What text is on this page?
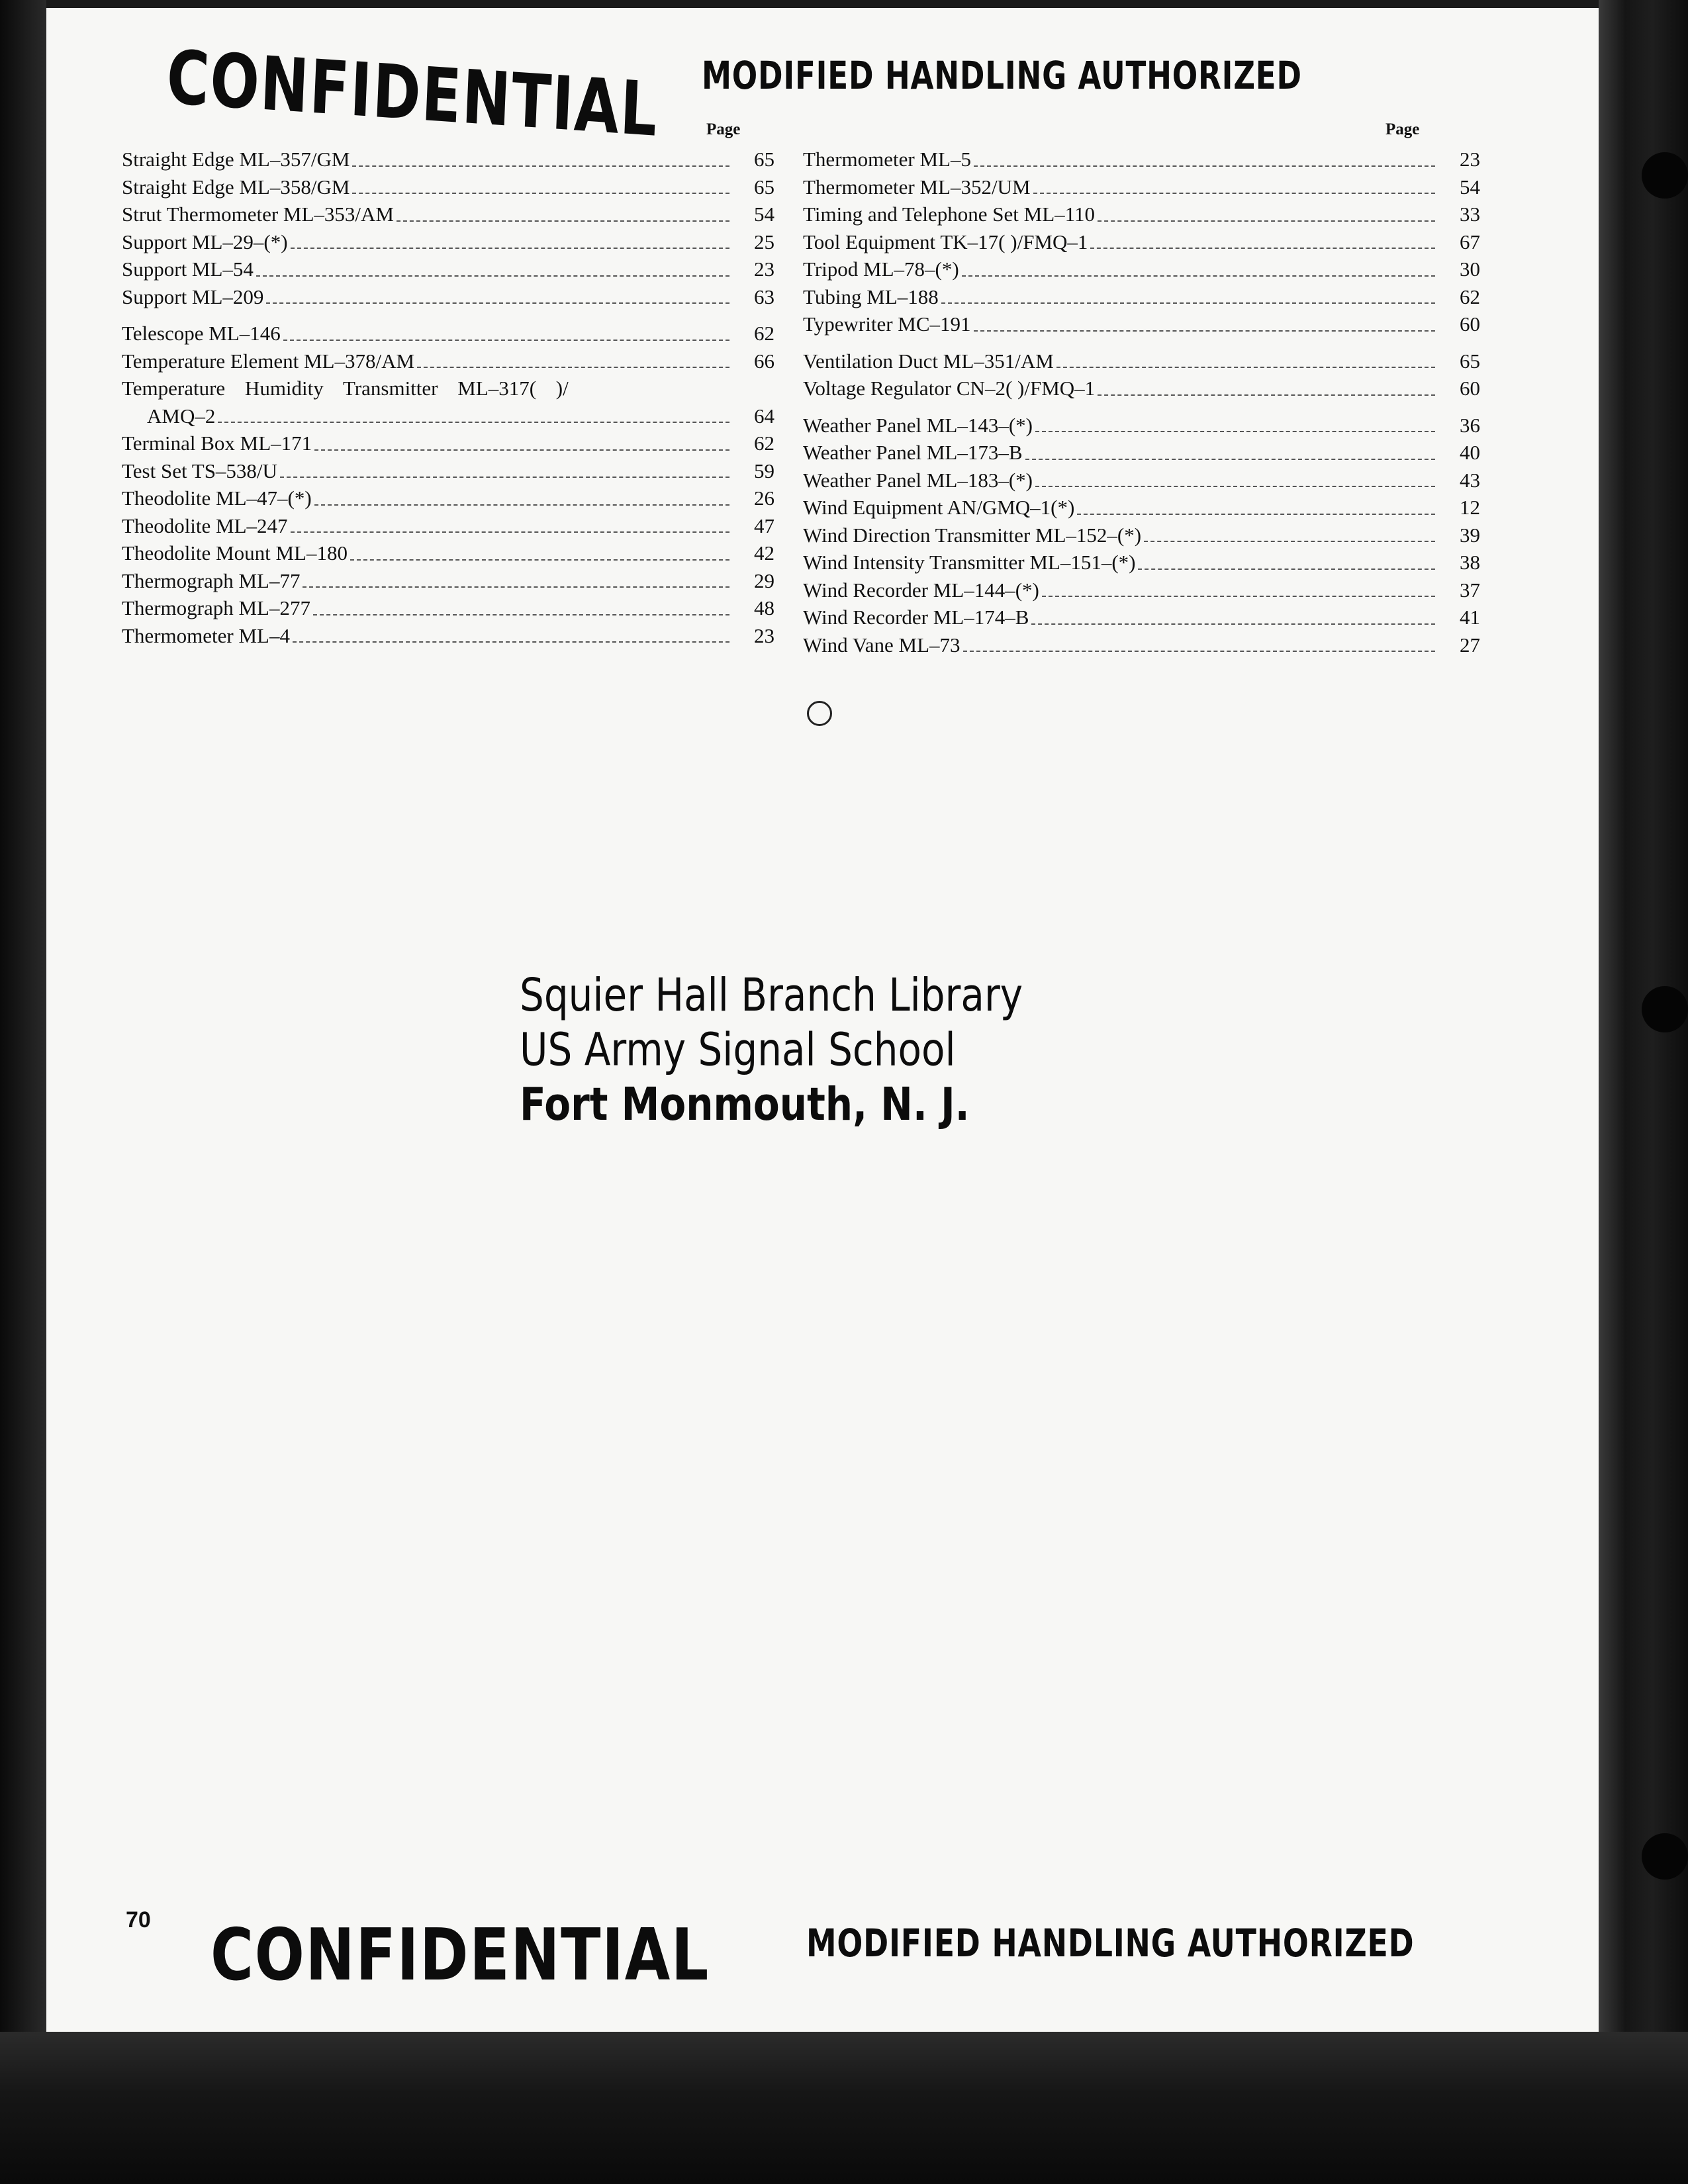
CONFIDENTIAL MODIFIED HANDLING AUTHORIZED
Page	Page
Straight Edge ML–357/GM	65
Straight Edge ML–358/GM	65
Strut Thermometer ML–353/AM	54
Support ML–29–(*)	25
Support ML–54	23
Support ML–209	63
Telescope ML–146	62
Temperature Element ML–378/AM	66
Temperature Humidity Transmitter ML–317( )/
AMQ–2	64
Terminal Box ML–171	62
Test Set TS–538/U	59
Theodolite ML–47–(*)	26
Theodolite ML–247	47
Theodolite Mount ML–180	42
Thermograph ML–77	29
Thermograph ML–277	48
Thermometer ML–4	23
Thermometer ML–5	23
Thermometer ML–352/UM	54
Timing and Telephone Set ML–110	33
Tool Equipment TK–17( )/FMQ–1	67
Tripod ML–78–(*)	30
Tubing ML–188	62
Typewriter MC–191	60
Ventilation Duct ML–351/AM	65
Voltage Regulator CN–2( )/FMQ–1	60
Weather Panel ML–143–(*)	36
Weather Panel ML–173–B	40
Weather Panel ML–183–(*)	43
Wind Equipment AN/GMQ–1(*)	12
Wind Direction Transmitter ML–152–(*)	39
Wind Intensity Transmitter ML–151–(*)	38
Wind Recorder ML–144–(*)	37
Wind Recorder ML–174–B	41
Wind Vane ML–73	27
Squier Hall Branch Library
US Army Signal School
Fort Monmouth, N. J.
70 CONFIDENTIAL	MODIFIED HANDLING AUTHORIZED
